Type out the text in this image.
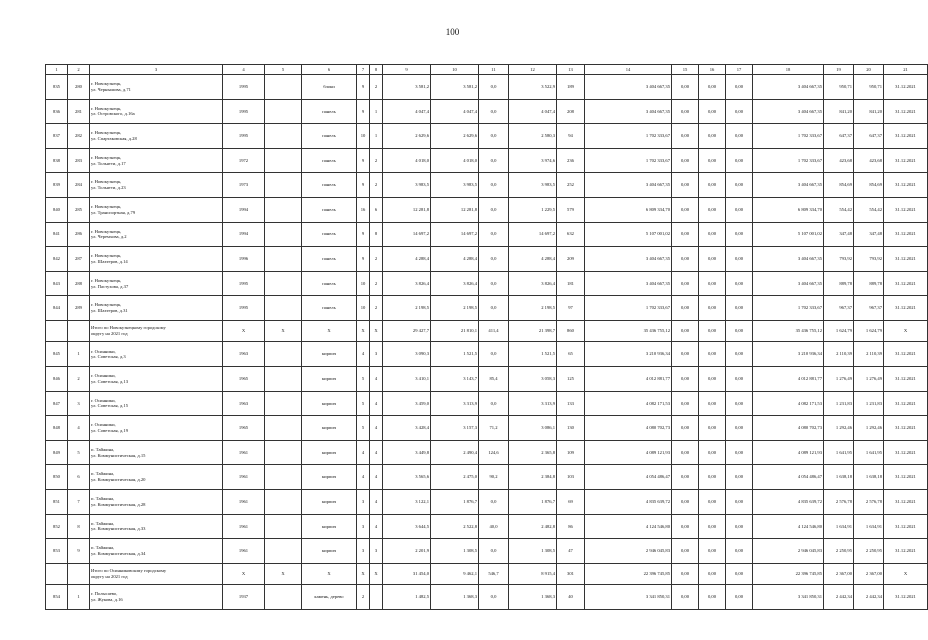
100
1	2	3	4	5	6	7	8	9	10	11	12	13	14	15	16	17	18	19	20	21
835	280	г. Новокузнецк,
ул. Чернышова, д.71	1995		блоки	9	2	3 581,2	3 581,2	0,0	3 522,9	189	3 404 667,35	0,00	0,00	0,00	3 404 667,35	950,71	950,71	31.12.2021
836	281	г. Новокузнецк,
ул. Островского, д.16а	1995		панель	9	1	4 047,4	4 047,4	0,0	4 047,4	208	3 404 667,35	0,00	0,00	0,00	3 404 667,35	841,20	841,20	31.12.2021
837	282	г. Новокузнецк,
ул. Спартаковская, д.28	1995		панель	10	1	2 629,6	2 629,6	0,0	2 580,3	94	1 702 333,67	0,00	0,00	0,00	1 702 333,67	647,37	647,37	31.12.2021
838	283	г. Новокузнецк,
ул. Тольятти, д.17	1972		панель	9	2	4 018,0	4 018,0	0,0	3 974,6	236	1 702 333,67	0,00	0,00	0,00	1 702 333,67	423,68	423,68	31.12.2021
839	284	г. Новокузнецк,
ул. Тольятти, д.23	1973		панель	9	2	3 983,5	3 983,5	0,0	3 983,5	252	3 404 667,35	0,00	0,00	0,00	3 404 667,35	854,69	854,69	31.12.2021
840	285	г. Новокузнецк,
ул. Транспортная, д.79	1994		панель	16	6	12 281,8	12 281,8	0,0	1 229,5	579	6 809 334,70	0,00	0,00	0,00	6 809 334,70	554,42	554,42	31.12.2021
841	286	г. Новокузнецк,
ул. Черемхова, д.2	1994		панель	9	8	14 697,2	14 697,2	0,0	14 697,2	632	5 107 001,02	0,00	0,00	0,00	5 107 001,02	347,48	347,48	31.12.2021
842	287	г. Новокузнецк,
ул. Шахтеров, д.14	1996		панель	9	2	4 288,4	4 288,4	0,0	4 288,4	209	3 404 667,35	0,00	0,00	0,00	3 404 667,35	793,92	793,92	31.12.2021
843	288	г. Новокузнецк,
ул. Пастухова, д.37	1995		панель	10	2	3 826,4	3 826,4	0,0	3 826,4	181	3 404 667,35	0,00	0,00	0,00	3 404 667,35	889,78	889,78	31.12.2021
844	289	г. Новокузнецк,
ул. Шахтеров, д.31	1995		панель	10	2	2 198,5	2 198,5	0,0	2 198,5	97	1 702 333,67	0,00	0,00	0,00	1 702 333,67	967,37	967,37	31.12.2021

		Итого по Новокузнецкому городскому
округу на 2021 год	X	X	X	X	X	29 427,7	21 810,1	411,4	21 398,7	860	35 436 755,12	0,00	0,00	0,00	35 436 755,12	1 624,79	1 624,79	X
845	1	г. Осинники,
ул. Советская, д.3	1963		кирпич	4	3	3 090,3	1 521,5	0,0	1 521,5	65	3 210 936,34	0,00	0,00	0,00	3 210 936,34	2 110,39	2 110,39	31.12.2021
846	2	г. Осинники,
ул. Советская, д.13	1965		кирпич	5	4	3 410,1	3 143,7	85,4	3 058,3	125	4 012 881,77	0,00	0,00	0,00	4 012 881,77	1 276,49	1 276,49	31.12.2021
847	3	г. Осинники,
ул. Советская, д.15	1963		кирпич	5	4	3 459,0	3 313,9	0,0	3 313,9	133	4 082 171,53	0,00	0,00	0,00	4 082 171,53	1 231,83	1 231,83	31.12.2021
848	4	г. Осинники,
ул. Советская, д.19	1965		кирпич	5	4	3 428,4	3 157,3	71,2	3 086,1	130	4 080 702,73	0,00	0,00	0,00	4 080 702,73	1 292,46	1 292,46	31.12.2021
849	5	п. Тайжина,
ул. Коммунистическая, д.15	1961		кирпич	4	4	3 449,8	2 490,4	124,6	2 365,8	109	4 089 121,93	0,00	0,00	0,00	4 089 121,93	1 641,95	1 641,95	31.12.2021
850	6	п. Тайжина,
ул. Коммунистическая, д.20	1961		кирпич	4	4	3 565,6	2 475,0	90,2	2 384,8	103	4 054 486,47	0,00	0,00	0,00	4 054 486,47	1 638,18	1 638,18	31.12.2021
851	7	п. Тайжина,
ул. Коммунистическая, д.28	1961		кирпич	3	4	3 122,1	1 876,7	0,0	1 876,7	69	4 835 639,72	0,00	0,00	0,00	4 835 639,72	2 576,78	2 576,78	31.12.2021
852	8	п. Тайжина,
ул. Коммунистическая, д.33	1961		кирпич	3	4	3 644,5	2 522,8	40,0	2 482,8	86	4 124 546,80	0,00	0,00	0,00	4 124 546,80	1 634,91	1 634,91	31.12.2021
853	9	п. Тайжина,
ул. Коммунистическая, д.34	1961		кирпич	3	3	2 201,9	1 308,5	0,0	1 308,5	47	2 946 045,83	0,00	0,00	0,00	2 946 045,83	2 250,95	2 250,95	31.12.2021

		Итого по Осинниковскому городскому
округу на 2021 год	X	X	X	X	X	31 454,0	9 462,1	546,7	8 915,4	301	22 396 745,85	0,00	0,00	0,00	22 396 745,85	2 367,00	2 367,00	X
854	1	г. Полысаево,
ул. Жукова, д.16	1937		камень, дерево	2		1 482,5	1 368,3	0,0	1 368,3	40	3 341 850,31	0,00	0,00	0,00	3 341 850,31	2 442,34	2 442,34	31.12.2021
